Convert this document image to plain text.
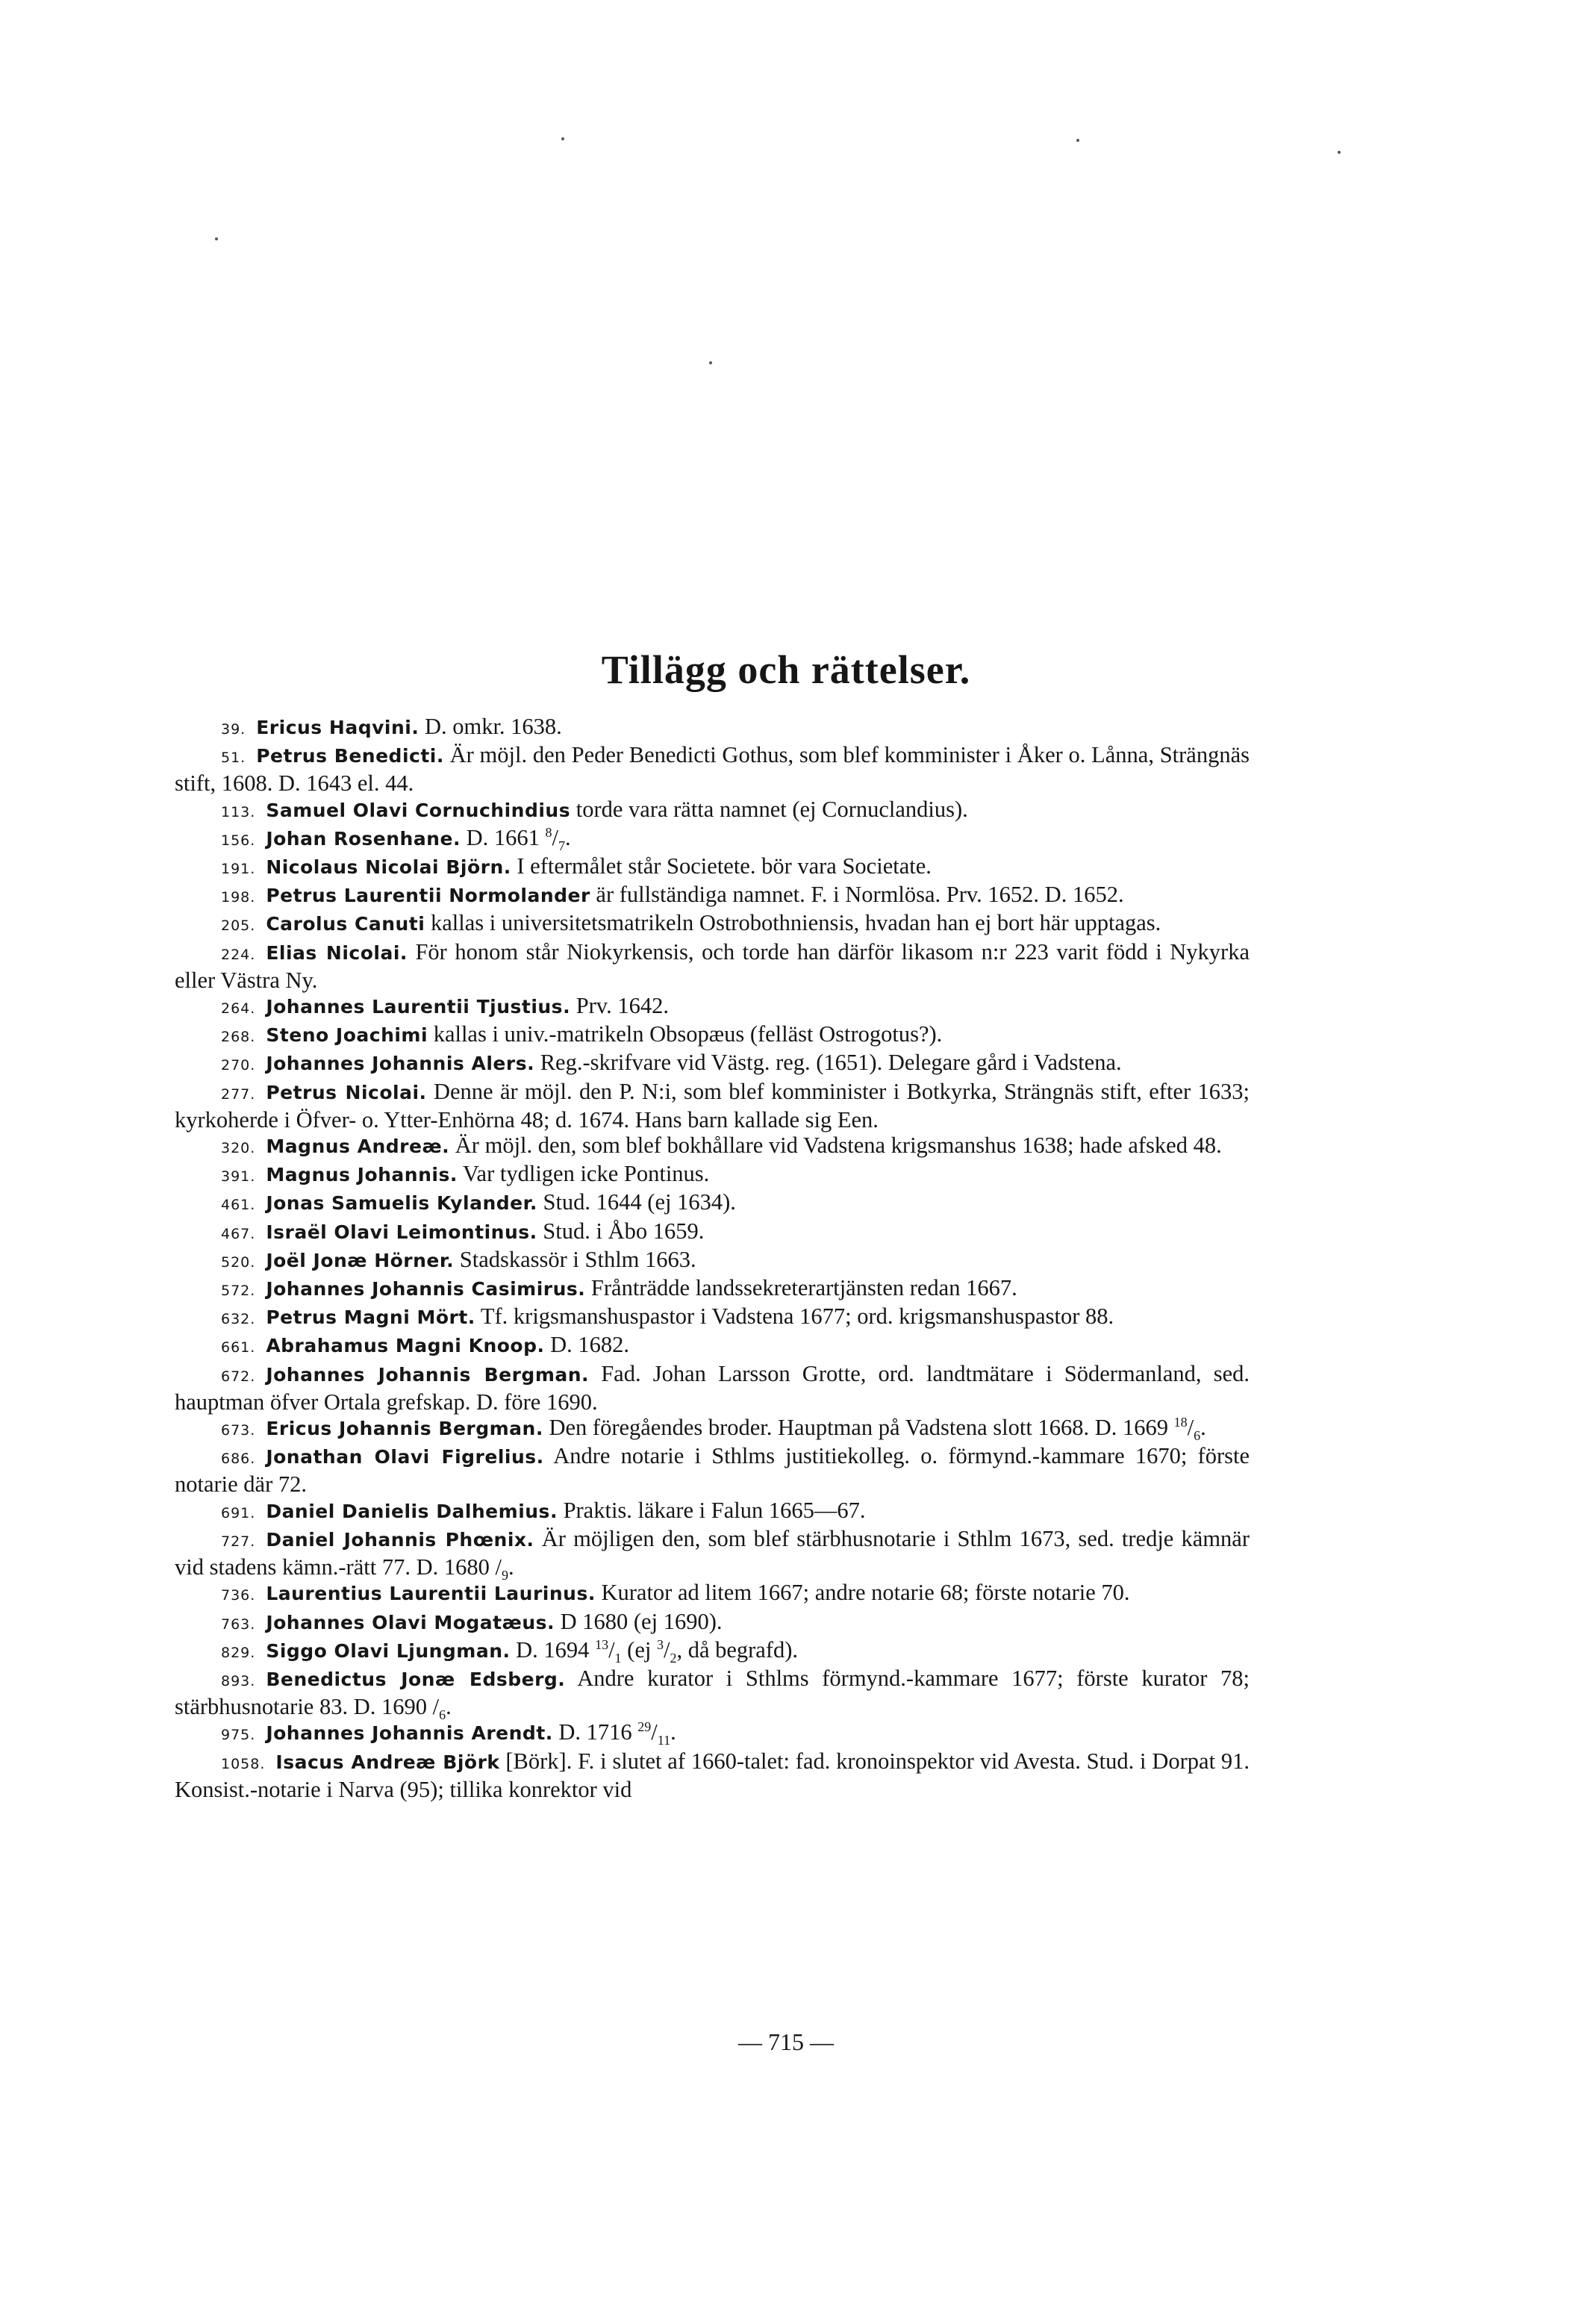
Tillägg och rättelser.

39. Ericus Haqvini. D. omkr. 1638.

51. Petrus Benedicti. Är möjl. den Peder Benedicti Gothus, som blef komminister i Åker o. Lånna, Strängnäs stift, 1608. D. 1643 el. 44.

113. Samuel Olavi Cornuchindius torde vara rätta namnet (ej Cornuclandius).

156. Johan Rosenhane. D. 1661 $^8/_7$.

191. Nicolaus Nicolai Björn. I eftermålet står Societete. bör vara Societate.

198. Petrus Laurentii Normolander är fullständiga namnet. F. i Normlösa. Prv. 1652. D. 1652.

205. Carolus Canuti kallas i universitetsmatrikeln Ostrobothniensis, hvadan han ej bort här upptagas.

224. Elias Nicolai. För honom står Niokyrkensis, och torde han därför likasom n:r 223 varit född i Nykyrka eller Västra Ny.

264. Johannes Laurentii Tjustius. Prv. 1642.

268. Steno Joachimi kallas i univ.-matrikeln Obsopæus (felläst Ostrogotus?).

270. Johannes Johannis Alers. Reg.-skrifvare vid Västg. reg. (1651). Delegare gård i Vadstena.

277. Petrus Nicolai. Denne är möjl. den P. N:i, som blef komminister i Botkyrka, Strängnäs stift, efter 1633; kyrkoherde i Öfver- o. Ytter-Enhörna 48; d. 1674. Hans barn kallade sig Een.

320. Magnus Andreæ. Är möjl. den, som blef bokhållare vid Vadstena krigsmanshus 1638; hade afsked 48.

391. Magnus Johannis. Var tydligen icke Pontinus.

461. Jonas Samuelis Kylander. Stud. 1644 (ej 1634).

467. Israël Olavi Leimontinus. Stud. i Åbo 1659.

520. Joël Jonæ Hörner. Stadskassör i Sthlm 1663.

572. Johannes Johannis Casimirus. Frånträdde landssekreterartjänsten redan 1667.

632. Petrus Magni Mört. Tf. krigsmanshuspastor i Vadstena 1677; ord. krigsmanshuspastor 88.

661. Abrahamus Magni Knoop. D. 1682.

672. Johannes Johannis Bergman. Fad. Johan Larsson Grotte, ord. landtmätare i Södermanland, sed. hauptman öfver Ortala grefskap. D. före 1690.

673. Ericus Johannis Bergman. Den föregåendes broder. Hauptman på Vadstena slott 1668. D. 1669 $^{18}/_6$.

686. Jonathan Olavi Figrelius. Andre notarie i Sthlms justitiekolleg. o. förmynd.-kammare 1670; förste notarie där 72.

691. Daniel Danielis Dalhemius. Praktis. läkare i Falun 1665—67.

727. Daniel Johannis Phœnix. Är möjligen den, som blef stärbhusnotarie i Sthlm 1673, sed. tredje kämnär vid stadens kämn.-rätt 77. D. 1680 $/_9$.

736. Laurentius Laurentii Laurinus. Kurator ad litem 1667; andre notarie 68; förste notarie 70.

763. Johannes Olavi Mogatæus. D 1680 (ej 1690).

829. Siggo Olavi Ljungman. D. 1694 $^{13}/_1$ (ej $^3/_2$, då begrafd).

893. Benedictus Jonæ Edsberg. Andre kurator i Sthlms förmynd.-kammare 1677; förste kurator 78; stärbhusnotarie 83. D. 1690 $/_6$.

975. Johannes Johannis Arendt. D. 1716 $^{29}/_{11}$.

1058. Isacus Andreæ Björk [Börk]. F. i slutet af 1660-talet: fad. kronoinspektor vid Avesta. Stud. i Dorpat 91. Konsist.-notarie i Narva (95); tillika konrektor vid

— 715 —
